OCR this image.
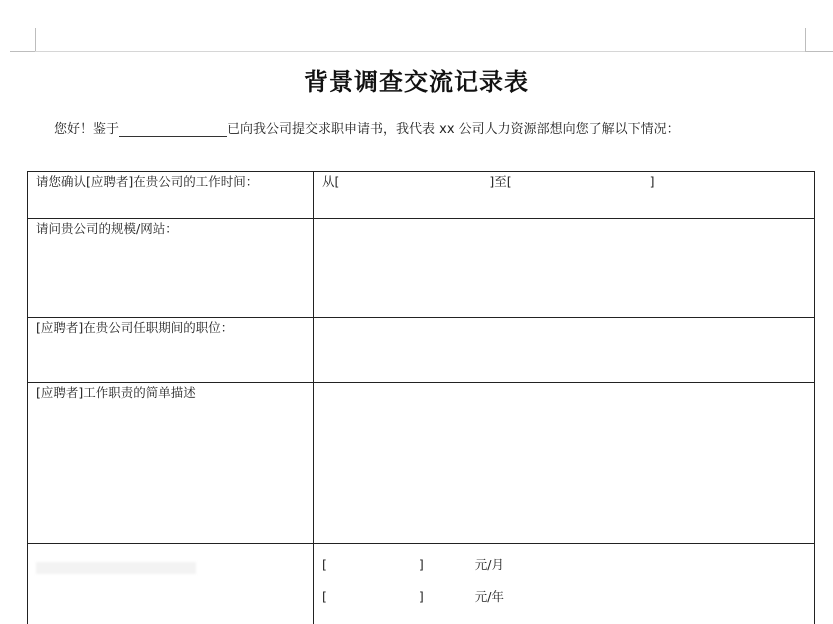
背景调查交流记录表
您好！鉴于	已向我公司提交求职申请书，我代表 xx 公司人力资源部想向您了解以下情况：
请您确认[应聘者]在贵公司的工作时间：	从[ ]至[ ]
请问贵公司的规模/网站：	
[应聘者]在贵公司任职期间的职位：	
[应聘者]工作职责的简单描述	

	[ ] 元/月
[ ] 元/年
